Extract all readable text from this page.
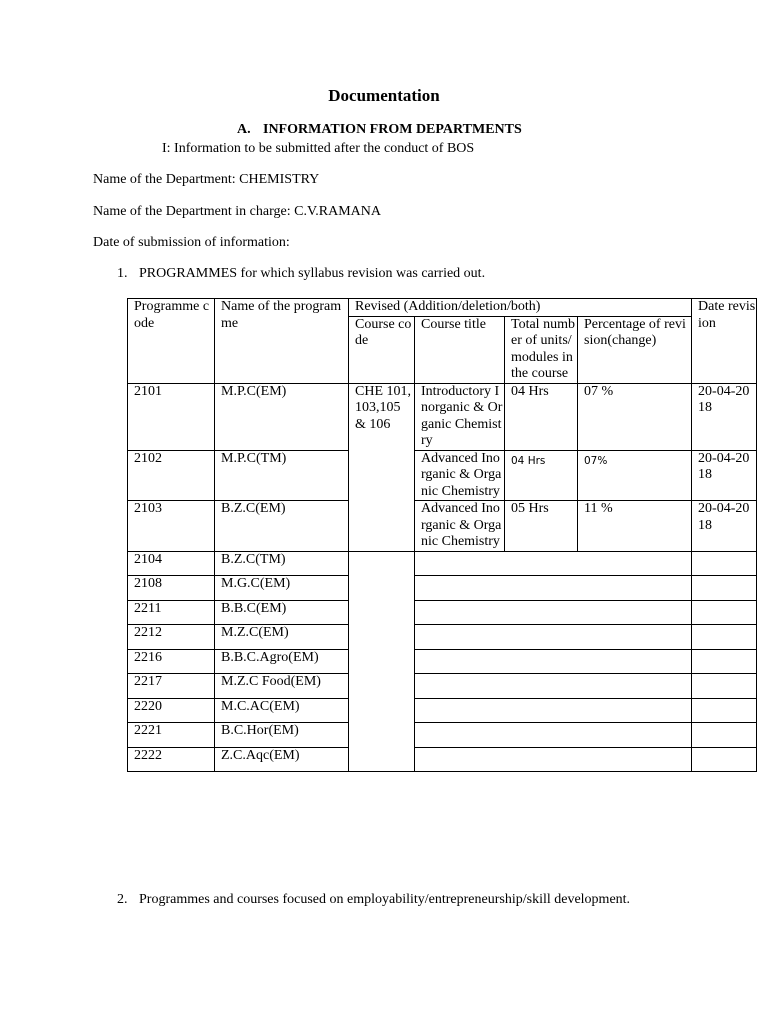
Documentation
A. INFORMATION FROM DEPARTMENTS
I: Information to be submitted after the conduct of BOS
Name of the Department: CHEMISTRY
Name of the Department in charge: C.V.RAMANA
Date of submission of information:
1. PROGRAMMES for which syllabus revision was carried out.
Programme code	Name of the programme	Revised (Addition/deletion/both)				Date revision
		Course code	Course title	Total number of units/modules in the course	Percentage of revision(change)	
2101	M.P.C(EM)	CHE 101,103,105 & 106	Introductory Inorganic & Organic Chemistry	04 Hrs	07 %	20-04-2018
2102	M.P.C(TM)		Advanced Inorganic & Organic Chemistry	04 Hrs	07%	20-04-2018
2103	B.Z.C(EM)		Advanced Inorganic & Organic Chemistry	05 Hrs	11 %	20-04-2018
2104	B.Z.C(TM)					
2108	M.G.C(EM)					
2211	B.B.C(EM)					
2212	M.Z.C(EM)					
2216	B.B.C.Agro(EM)					
2217	M.Z.C Food(EM)					
2220	M.C.AC(EM)					
2221	B.C.Hor(EM)					
2222	Z.C.Aqc(EM)					
2. Programmes and courses focused on employability/entrepreneurship/skill development.
